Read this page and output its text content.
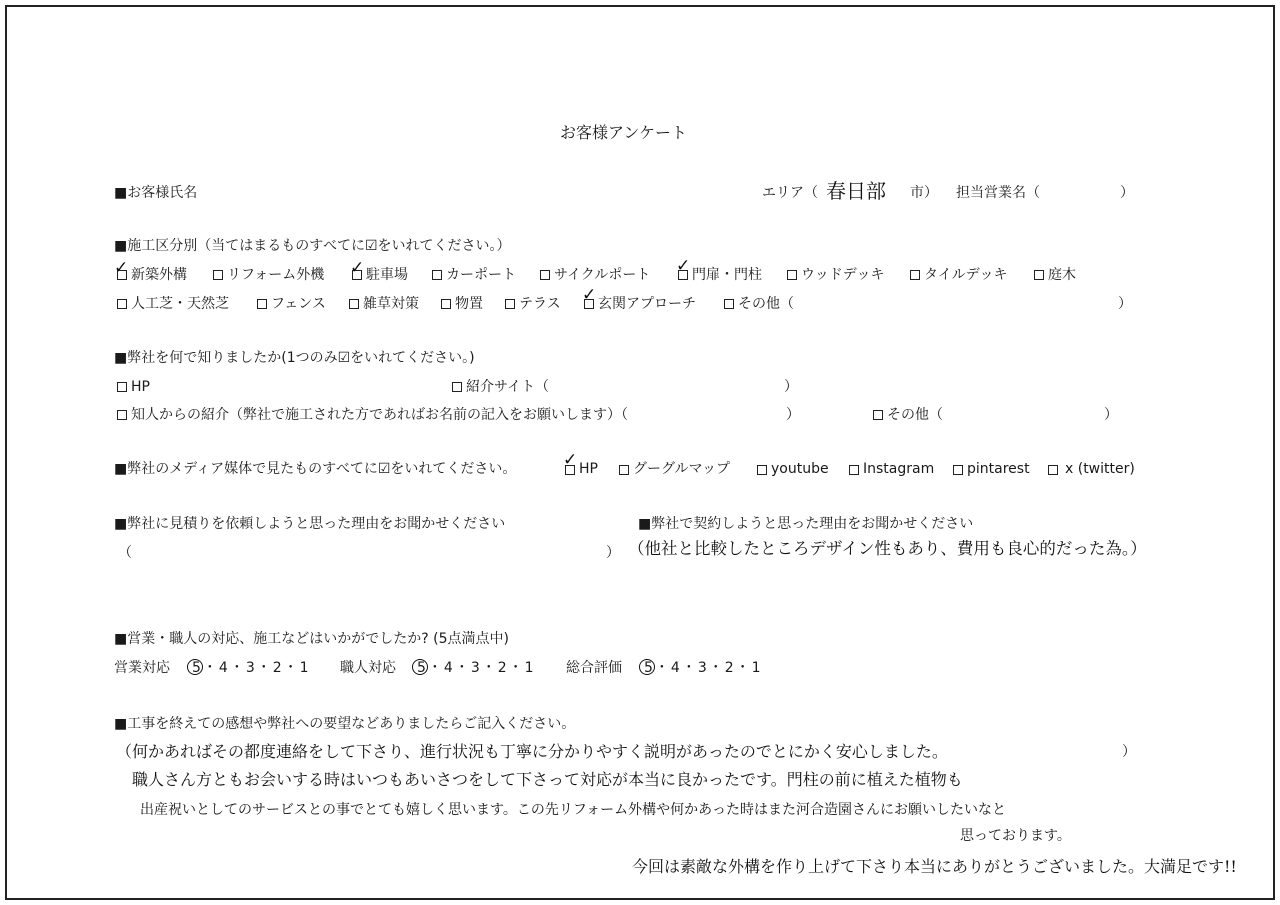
お客様アンケート
■お客様氏名	エリア（ 春日部 市） 担当営業名（	）
■施工区分別（当てはまるものすべてに☑をいれてください。）
✓ 新築外構	リフォーム外機 ✓ 駐車場	カーポート	サイクルポート ✓ 門扉・門柱	ウッドデッキ	タイルデッキ	庭木
人工芝・天然芝	フェンス	雑草対策	物置	テラス ✓ 玄関アプローチ	その他（	）
■弊社を何で知りましたか(1つのみ☑をいれてください。)
HP	紹介サイト（	）
知人からの紹介（弊社で施工された方であればお名前の記入をお願いします）（	）	その他（	）
■弊社のメディア媒体で見たものすべてに☑をいれてください。	✓ HP	グーグルマップ	youtube Instagram pintarest	x (twitter)
■弊社に見積りを依頼しようと思った理由をお聞かせください
（	）
■弊社で契約しようと思った理由をお聞かせください
（他社と比較したところデザイン性もあり、費用も良心的だった為。）
■営業・職人の対応、施工などはいかがでしたか? (5点満点中)
営業対応 5・4・3・2・1 職人対応 5・4・3・2・1 総合評価 5・4・3・2・1
■工事を終えての感想や弊社への要望などありましたらご記入ください。
（何かあればその都度連絡をして下さり、進行状況も丁寧に分かりやすく説明があったのでとにかく安心しました。	）
職人さん方ともお会いする時はいつもあいさつをして下さって対応が本当に良かったです。門柱の前に植えた植物も
出産祝いとしてのサービスとの事でとても嬉しく思います。この先リフォーム外構や何かあった時はまた河合造園さんにお願いしたいなと
思っております。
今回は素敵な外構を作り上げて下さり本当にありがとうございました。大満足です!!
